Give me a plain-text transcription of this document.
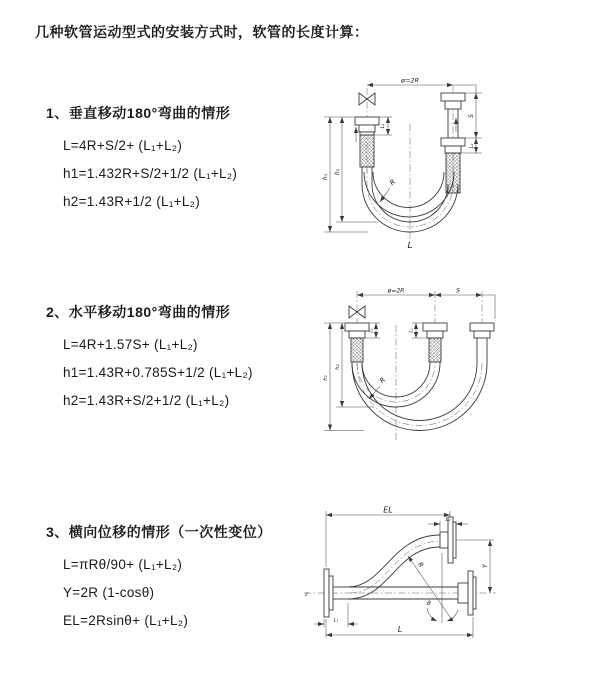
几种软管运动型式的安装方式时，软管的长度计算：
1、垂直移动180°弯曲的情形
L=4R+S/2+ (L₁+L₂)
h1=1.432R+S/2+1/2 (L₁+L₂)
h2=1.43R+1/2 (L₁+L₂)
2、水平移动180°弯曲的情形
L=4R+1.57S+ (L₁+L₂)
h1=1.43R+0.785S+1/2 (L₁+L₂)
h2=1.43R+S/2+1/2 (L₁+L₂)
3、横向位移的情形（一次性变位）
L=πRθ/90+ (L₁+L₂)
Y=2R (1-cosθ)
EL=2Rsinθ+ (L₁+L₂)
ø=2R
h₁
h₂
L₁
S
L₂
R
L
ø=2R	S
h₁
h₂
L₁	L₁
R
z
EL
L₂
Y
L
L₁
R
θ
